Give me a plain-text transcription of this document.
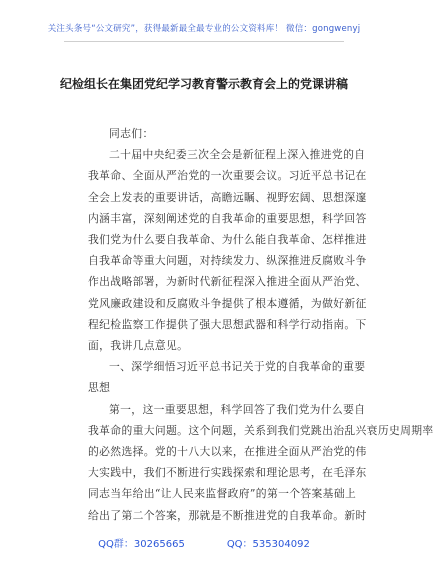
关注头条号“公文研究”，获得最新最全最专业的公文资料库！ 微信：gongwenyj
纪检组长在集团党纪学习教育警示教育会上的党课讲稿
同志们：
二十届中央纪委三次全会是新征程上深入推进党的自
我革命、全面从严治党的一次重要会议。习近平总书记在
全会上发表的重要讲话，高瞻远瞩、视野宏阔、思想深邃
内涵丰富，深刻阐述党的自我革命的重要思想，科学回答
我们党为什么要自我革命、为什么能自我革命、怎样推进
自我革命等重大问题，对持续发力、纵深推进反腐败斗争
作出战略部署，为新时代新征程深入推进全面从严治党、
党风廉政建设和反腐败斗争提供了根本遵循，为做好新征
程纪检监察工作提供了强大思想武器和科学行动指南。下
面，我讲几点意见。
一、深学细悟习近平总书记关于党的自我革命的重要
思想
第一，这一重要思想，科学回答了我们党为什么要自
我革命的重大问题。这个问题，关系到我们党跳出治乱兴衰历史周期率
的必然选择。党的十八大以来，在推进全面从严治党的伟
大实践中，我们不断进行实践探索和理论思考，在毛泽东
同志当年给出“让人民来监督政府”的第一个答案基础上
给出了第二个答案，那就是不断推进党的自我革命。新时
QQ群：30265665	QQ：535304092
